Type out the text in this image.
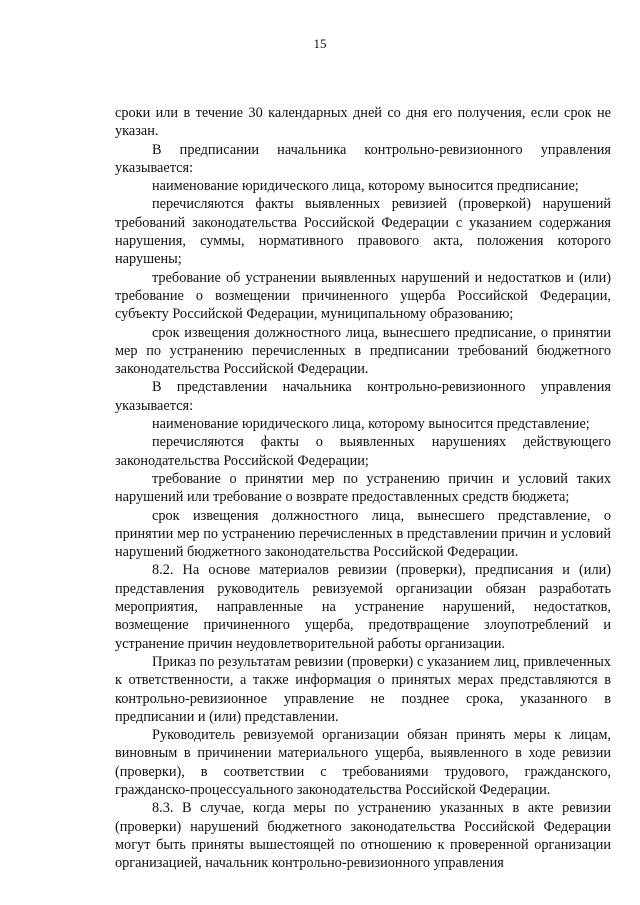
15

сроки или в течение 30 календарных дней со дня его получения, если срок не указан.

В предписании начальника контрольно-ревизионного управления указывается:

наименование юридического лица, которому выносится предписание;

перечисляются факты выявленных ревизией (проверкой) нарушений требований законодательства Российской Федерации с указанием содержания нарушения, суммы, нормативного правового акта, положения которого нарушены;

требование об устранении выявленных нарушений и недостатков и (или) требование о возмещении причиненного ущерба Российской Федерации, субъекту Российской Федерации, муниципальному образованию;

срок извещения должностного лица, вынесшего предписание, о принятии мер по устранению перечисленных в предписании требований бюджетного законодательства Российской Федерации.

В представлении начальника контрольно-ревизионного управления указывается:

наименование юридического лица, которому выносится представление;

перечисляются факты о выявленных нарушениях действующего законодательства Российской Федерации;

требование о принятии мер по устранению причин и условий таких нарушений или требование о возврате предоставленных средств бюджета;

срок извещения должностного лица, вынесшего представление, о принятии мер по устранению перечисленных в представлении причин и условий нарушений бюджетного законодательства Российской Федерации.

8.2. На основе материалов ревизии (проверки), предписания и (или) представления руководитель ревизуемой организации обязан разработать мероприятия, направленные на устранение нарушений, недостатков, возмещение причиненного ущерба, предотвращение злоупотреблений и устранение причин неудовлетворительной работы организации.

Приказ по результатам ревизии (проверки) с указанием лиц, привлеченных к ответственности, а также информация о принятых мерах представляются в контрольно-ревизионное управление не позднее срока, указанного в предписании и (или) представлении.

Руководитель ревизуемой организации обязан принять меры к лицам, виновным в причинении материального ущерба, выявленного в ходе ревизии (проверки), в соответствии с требованиями трудового, гражданского, гражданско-процессуального законодательства Российской Федерации.

8.3. В случае, когда меры по устранению указанных в акте ревизии (проверки) нарушений бюджетного законодательства Российской Федерации могут быть приняты вышестоящей по отношению к проверенной организации организацией, начальник контрольно-ревизионного управления
